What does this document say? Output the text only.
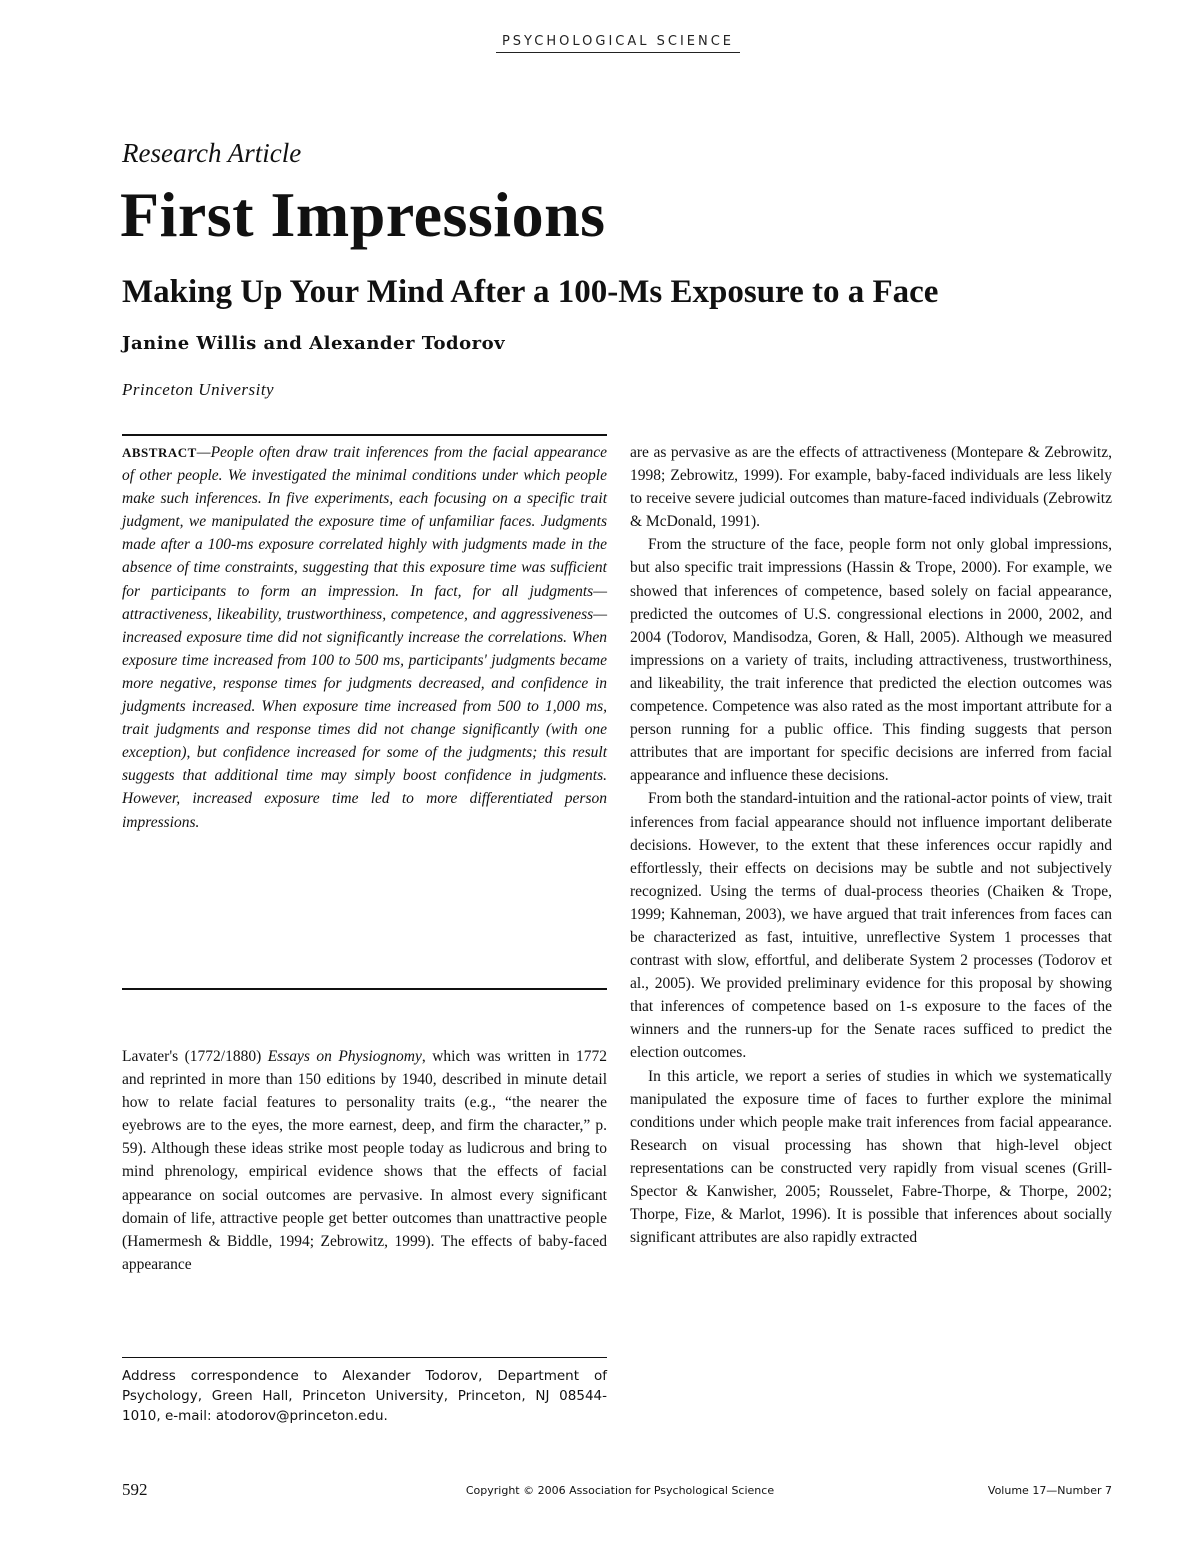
PSYCHOLOGICAL SCIENCE
Research Article
First Impressions
Making Up Your Mind After a 100-Ms Exposure to a Face
Janine Willis and Alexander Todorov
Princeton University
ABSTRACT—People often draw trait inferences from the facial appearance of other people. We investigated the minimal conditions under which people make such inferences. In five experiments, each focusing on a specific trait judgment, we manipulated the exposure time of unfamiliar faces. Judgments made after a 100-ms exposure correlated highly with judgments made in the absence of time constraints, suggesting that this exposure time was sufficient for participants to form an impression. In fact, for all judgments—attractiveness, likeability, trustworthiness, competence, and aggressiveness—increased exposure time did not significantly increase the correlations. When exposure time increased from 100 to 500 ms, participants' judgments became more negative, response times for judgments decreased, and confidence in judgments increased. When exposure time increased from 500 to 1,000 ms, trait judgments and response times did not change significantly (with one exception), but confidence increased for some of the judgments; this result suggests that additional time may simply boost confidence in judgments. However, increased exposure time led to more differentiated person impressions.

Lavater's (1772/1880) Essays on Physiognomy, which was written in 1772 and reprinted in more than 150 editions by 1940, described in minute detail how to relate facial features to personality traits (e.g., “the nearer the eyebrows are to the eyes, the more earnest, deep, and firm the character,” p. 59). Although these ideas strike most people today as ludicrous and bring to mind phrenology, empirical evidence shows that the effects of facial appearance on social outcomes are pervasive. In almost every significant domain of life, attractive people get better outcomes than unattractive people (Hamermesh & Biddle, 1994; Zebrowitz, 1999). The effects of baby-faced appearance

Address correspondence to Alexander Todorov, Department of Psychology, Green Hall, Princeton University, Princeton, NJ 08544-1010, e-mail: atodorov@princeton.edu.

are as pervasive as are the effects of attractiveness (Montepare & Zebrowitz, 1998; Zebrowitz, 1999). For example, baby-faced individuals are less likely to receive severe judicial outcomes than mature-faced individuals (Zebrowitz & McDonald, 1991).

From the structure of the face, people form not only global impressions, but also specific trait impressions (Hassin & Trope, 2000). For example, we showed that inferences of competence, based solely on facial appearance, predicted the outcomes of U.S. congressional elections in 2000, 2002, and 2004 (Todorov, Mandisodza, Goren, & Hall, 2005). Although we measured impressions on a variety of traits, including attractiveness, trustworthiness, and likeability, the trait inference that predicted the election outcomes was competence. Competence was also rated as the most important attribute for a person running for a public office. This finding suggests that person attributes that are important for specific decisions are inferred from facial appearance and influence these decisions.

From both the standard-intuition and the rational-actor points of view, trait inferences from facial appearance should not influence important deliberate decisions. However, to the extent that these inferences occur rapidly and effortlessly, their effects on decisions may be subtle and not subjectively recognized. Using the terms of dual-process theories (Chaiken & Trope, 1999; Kahneman, 2003), we have argued that trait inferences from faces can be characterized as fast, intuitive, unreflective System 1 processes that contrast with slow, effortful, and deliberate System 2 processes (Todorov et al., 2005). We provided preliminary evidence for this proposal by showing that inferences of competence based on 1-s exposure to the faces of the winners and the runners-up for the Senate races sufficed to predict the election outcomes.

In this article, we report a series of studies in which we systematically manipulated the exposure time of faces to further explore the minimal conditions under which people make trait inferences from facial appearance. Research on visual processing has shown that high-level object representations can be constructed very rapidly from visual scenes (Grill-Spector & Kanwisher, 2005; Rousselet, Fabre-Thorpe, & Thorpe, 2002; Thorpe, Fize, & Marlot, 1996). It is possible that inferences about socially significant attributes are also rapidly extracted

592	Copyright © 2006 Association for Psychological Science	Volume 17—Number 7
